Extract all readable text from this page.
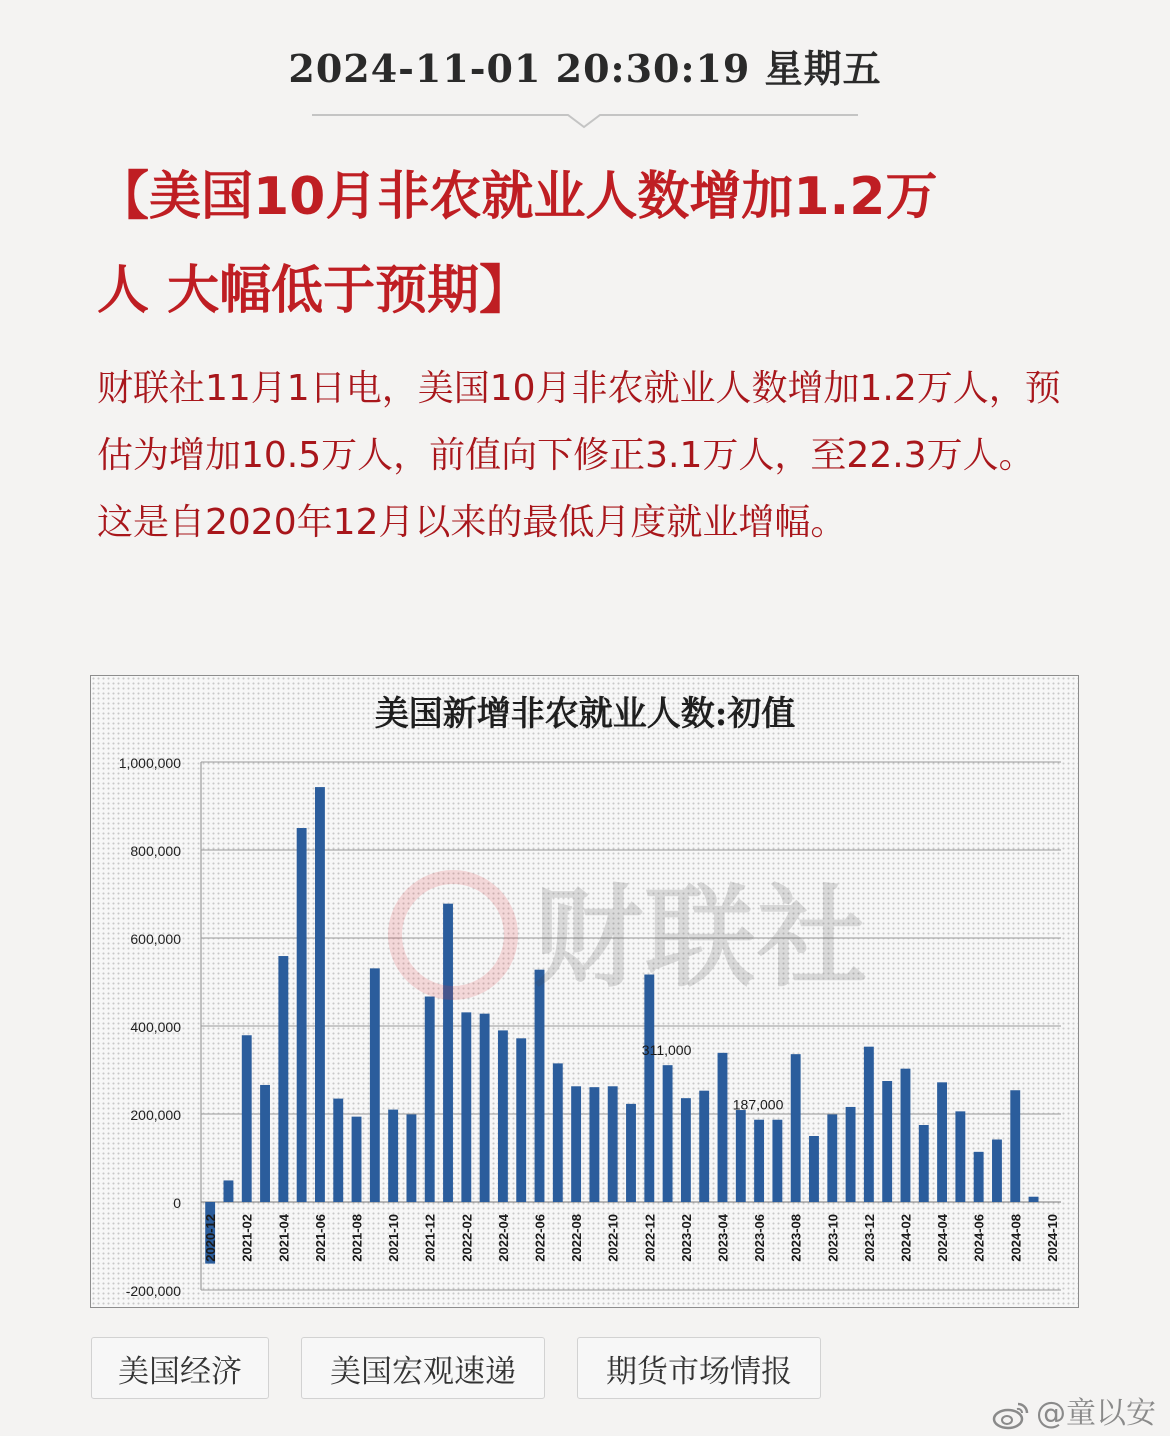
2024-11-01 20:30:19 星期五
【美国10月非农就业人数增加1.2万
人 大幅低于预期】

财联社11月1日电，美国10月非农就业人数增加1.2万人，预估为增加10.5万人，前值向下修正3.1万人，至22.3万人。这是自2020年12月以来的最低月度就业增幅。

美国新增非农就业人数:初值
-200,000
0
200,000
400,000
600,000
800,000
1,000,000
311,000
187,000
2020-12 2021-02 2021-04 2021-06 2021-08 2021-10 2021-12 2022-02 2022-04 2022-06 2022-08 2022-10 2022-12 2023-02 2023-04 2023-06 2023-08 2023-10 2023-12 2024-02 2024-04 2024-06 2024-08 2024-10
美国经济	美国宏观速递	期货市场情报
@童以安
